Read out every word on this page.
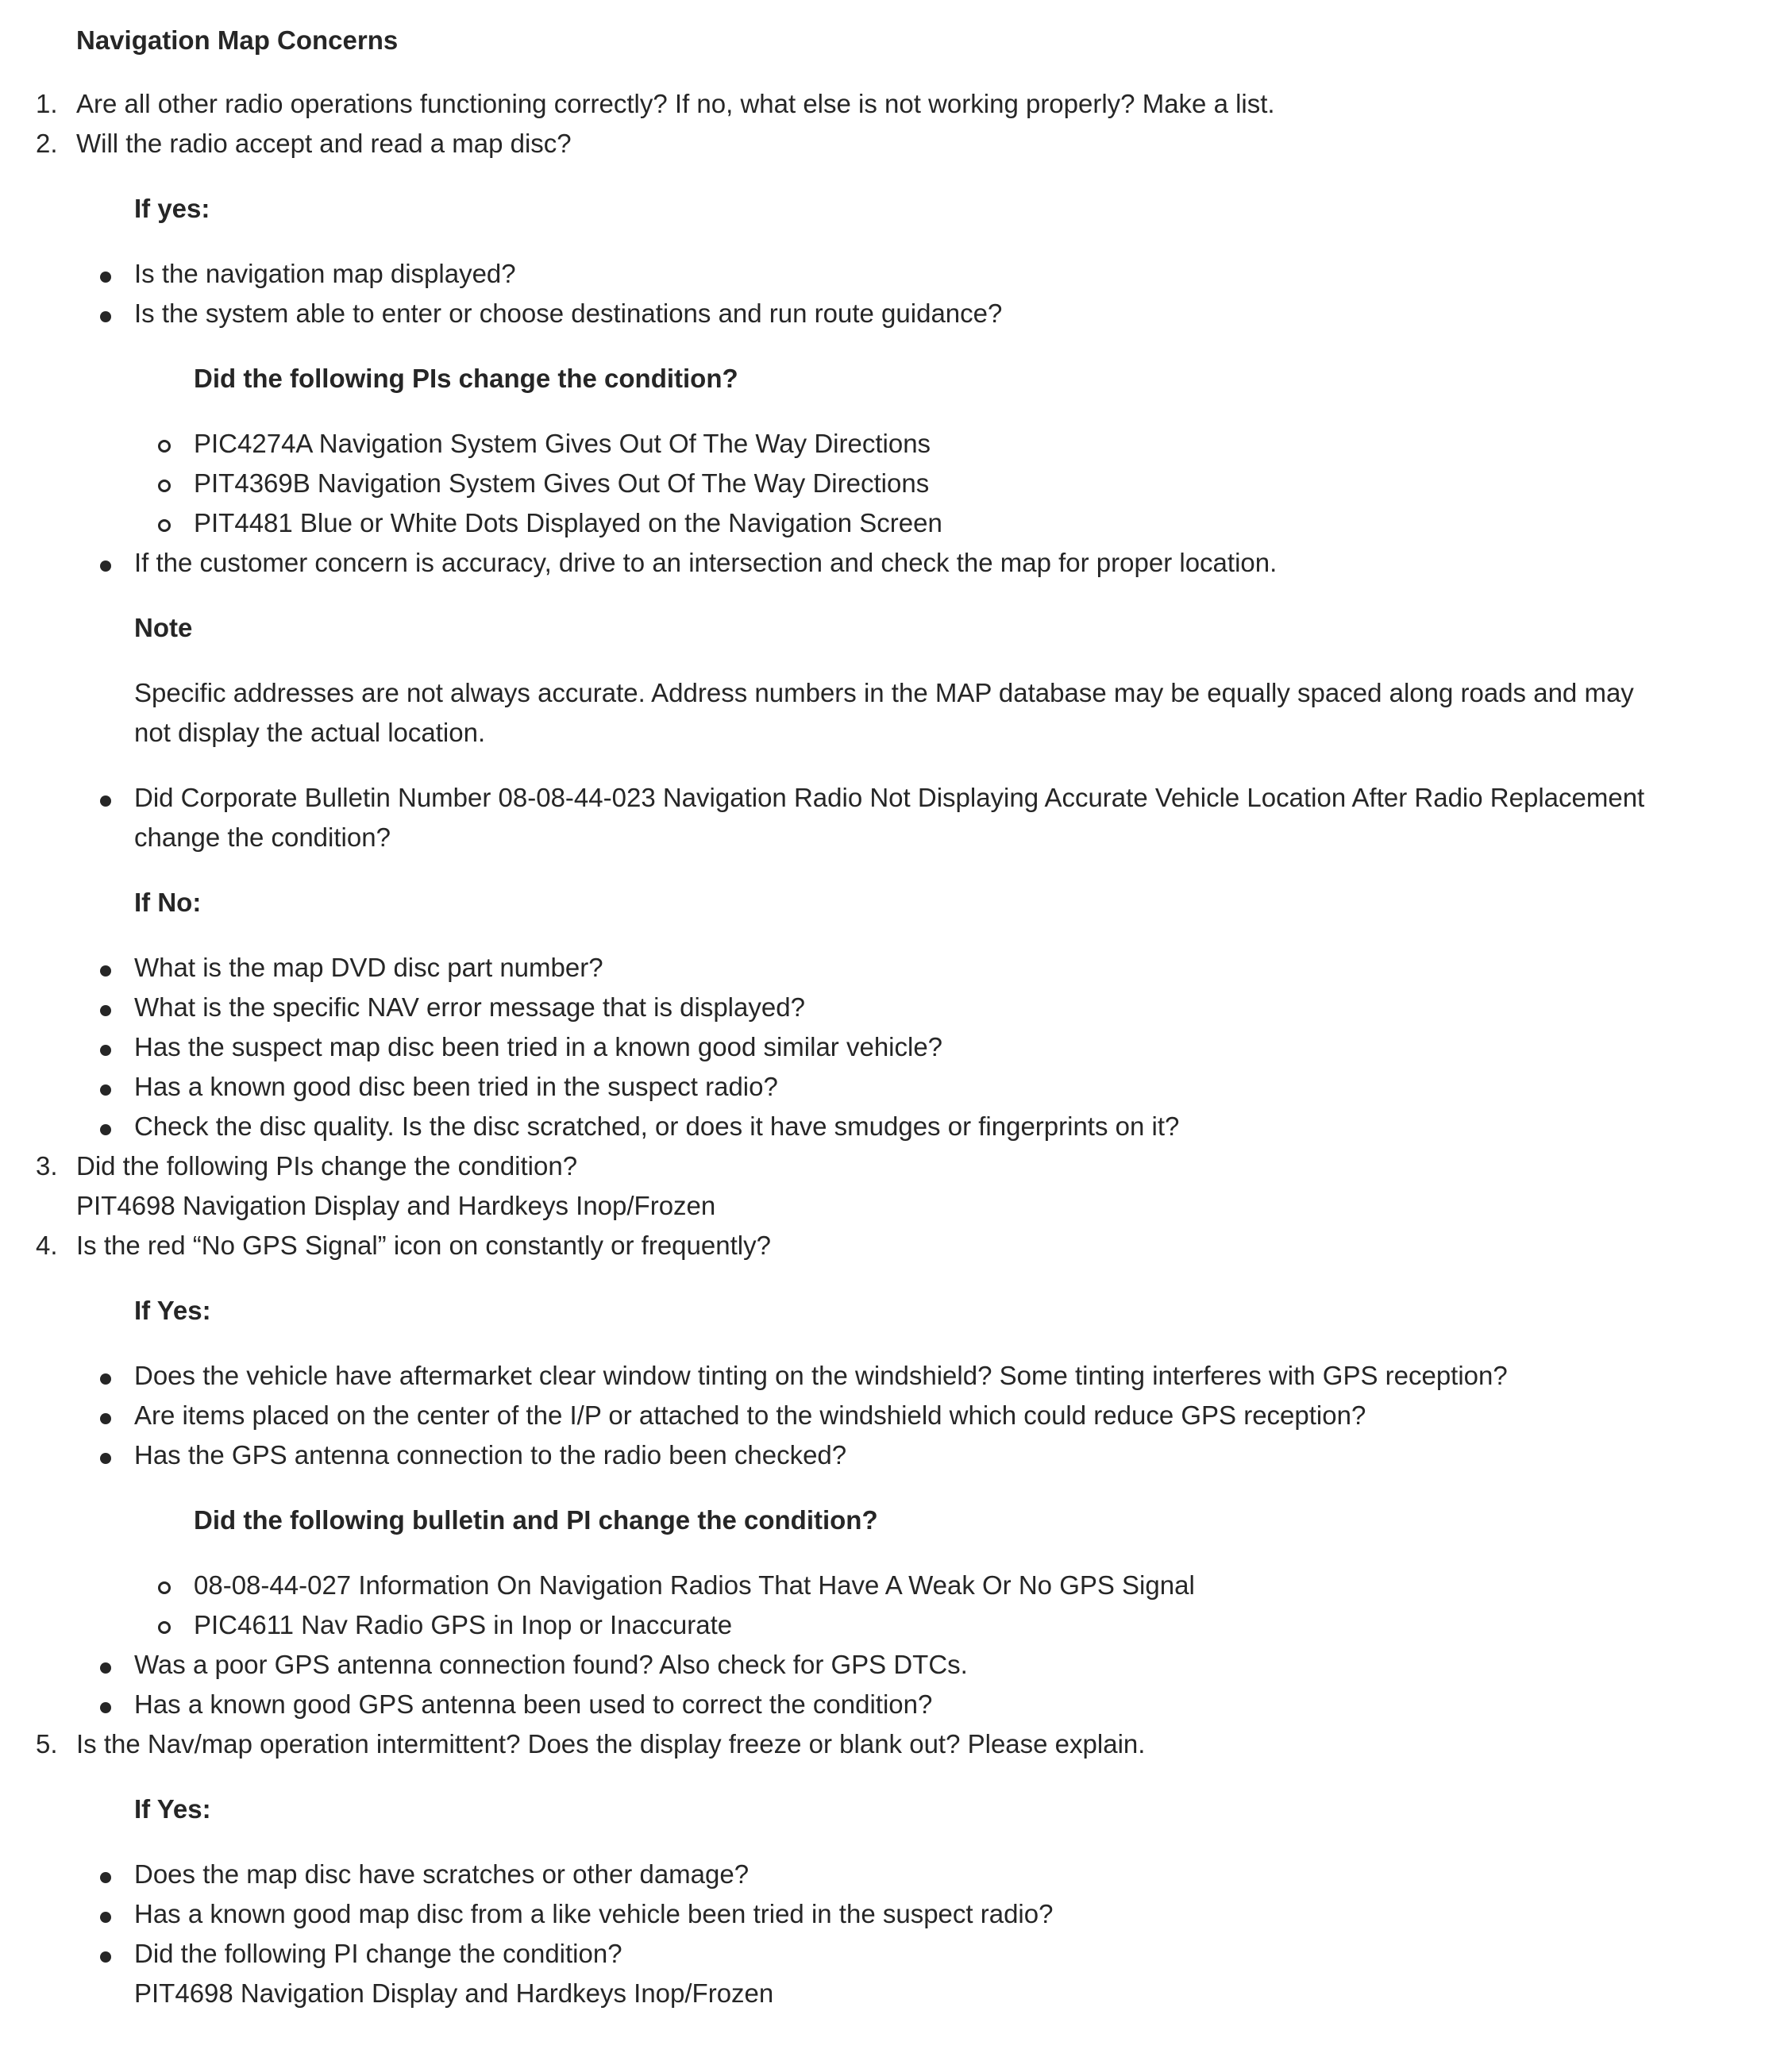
Navigation Map Concerns
1. Are all other radio operations functioning correctly? If no, what else is not working properly? Make a list.
2. Will the radio accept and read a map disc?
If yes:
Is the navigation map displayed?
Is the system able to enter or choose destinations and run route guidance?
Did the following PIs change the condition?
PIC4274A Navigation System Gives Out Of The Way Directions
PIT4369B Navigation System Gives Out Of The Way Directions
PIT4481 Blue or White Dots Displayed on the Navigation Screen
If the customer concern is accuracy, drive to an intersection and check the map for proper location.
Note
Specific addresses are not always accurate. Address numbers in the MAP database may be equally spaced along roads and may not display the actual location.
Did Corporate Bulletin Number 08-08-44-023 Navigation Radio Not Displaying Accurate Vehicle Location After Radio Replacement change the condition?
If No:
What is the map DVD disc part number?
What is the specific NAV error message that is displayed?
Has the suspect map disc been tried in a known good similar vehicle?
Has a known good disc been tried in the suspect radio?
Check the disc quality. Is the disc scratched, or does it have smudges or fingerprints on it?
3. Did the following PIs change the condition?
PIT4698 Navigation Display and Hardkeys Inop/Frozen
4. Is the red “No GPS Signal” icon on constantly or frequently?
If Yes:
Does the vehicle have aftermarket clear window tinting on the windshield? Some tinting interferes with GPS reception?
Are items placed on the center of the I/P or attached to the windshield which could reduce GPS reception?
Has the GPS antenna connection to the radio been checked?
Did the following bulletin and PI change the condition?
08-08-44-027 Information On Navigation Radios That Have A Weak Or No GPS Signal
PIC4611 Nav Radio GPS in Inop or Inaccurate
Was a poor GPS antenna connection found? Also check for GPS DTCs.
Has a known good GPS antenna been used to correct the condition?
5. Is the Nav/map operation intermittent? Does the display freeze or blank out? Please explain.
If Yes:
Does the map disc have scratches or other damage?
Has a known good map disc from a like vehicle been tried in the suspect radio?
Did the following PI change the condition?
PIT4698 Navigation Display and Hardkeys Inop/Frozen
